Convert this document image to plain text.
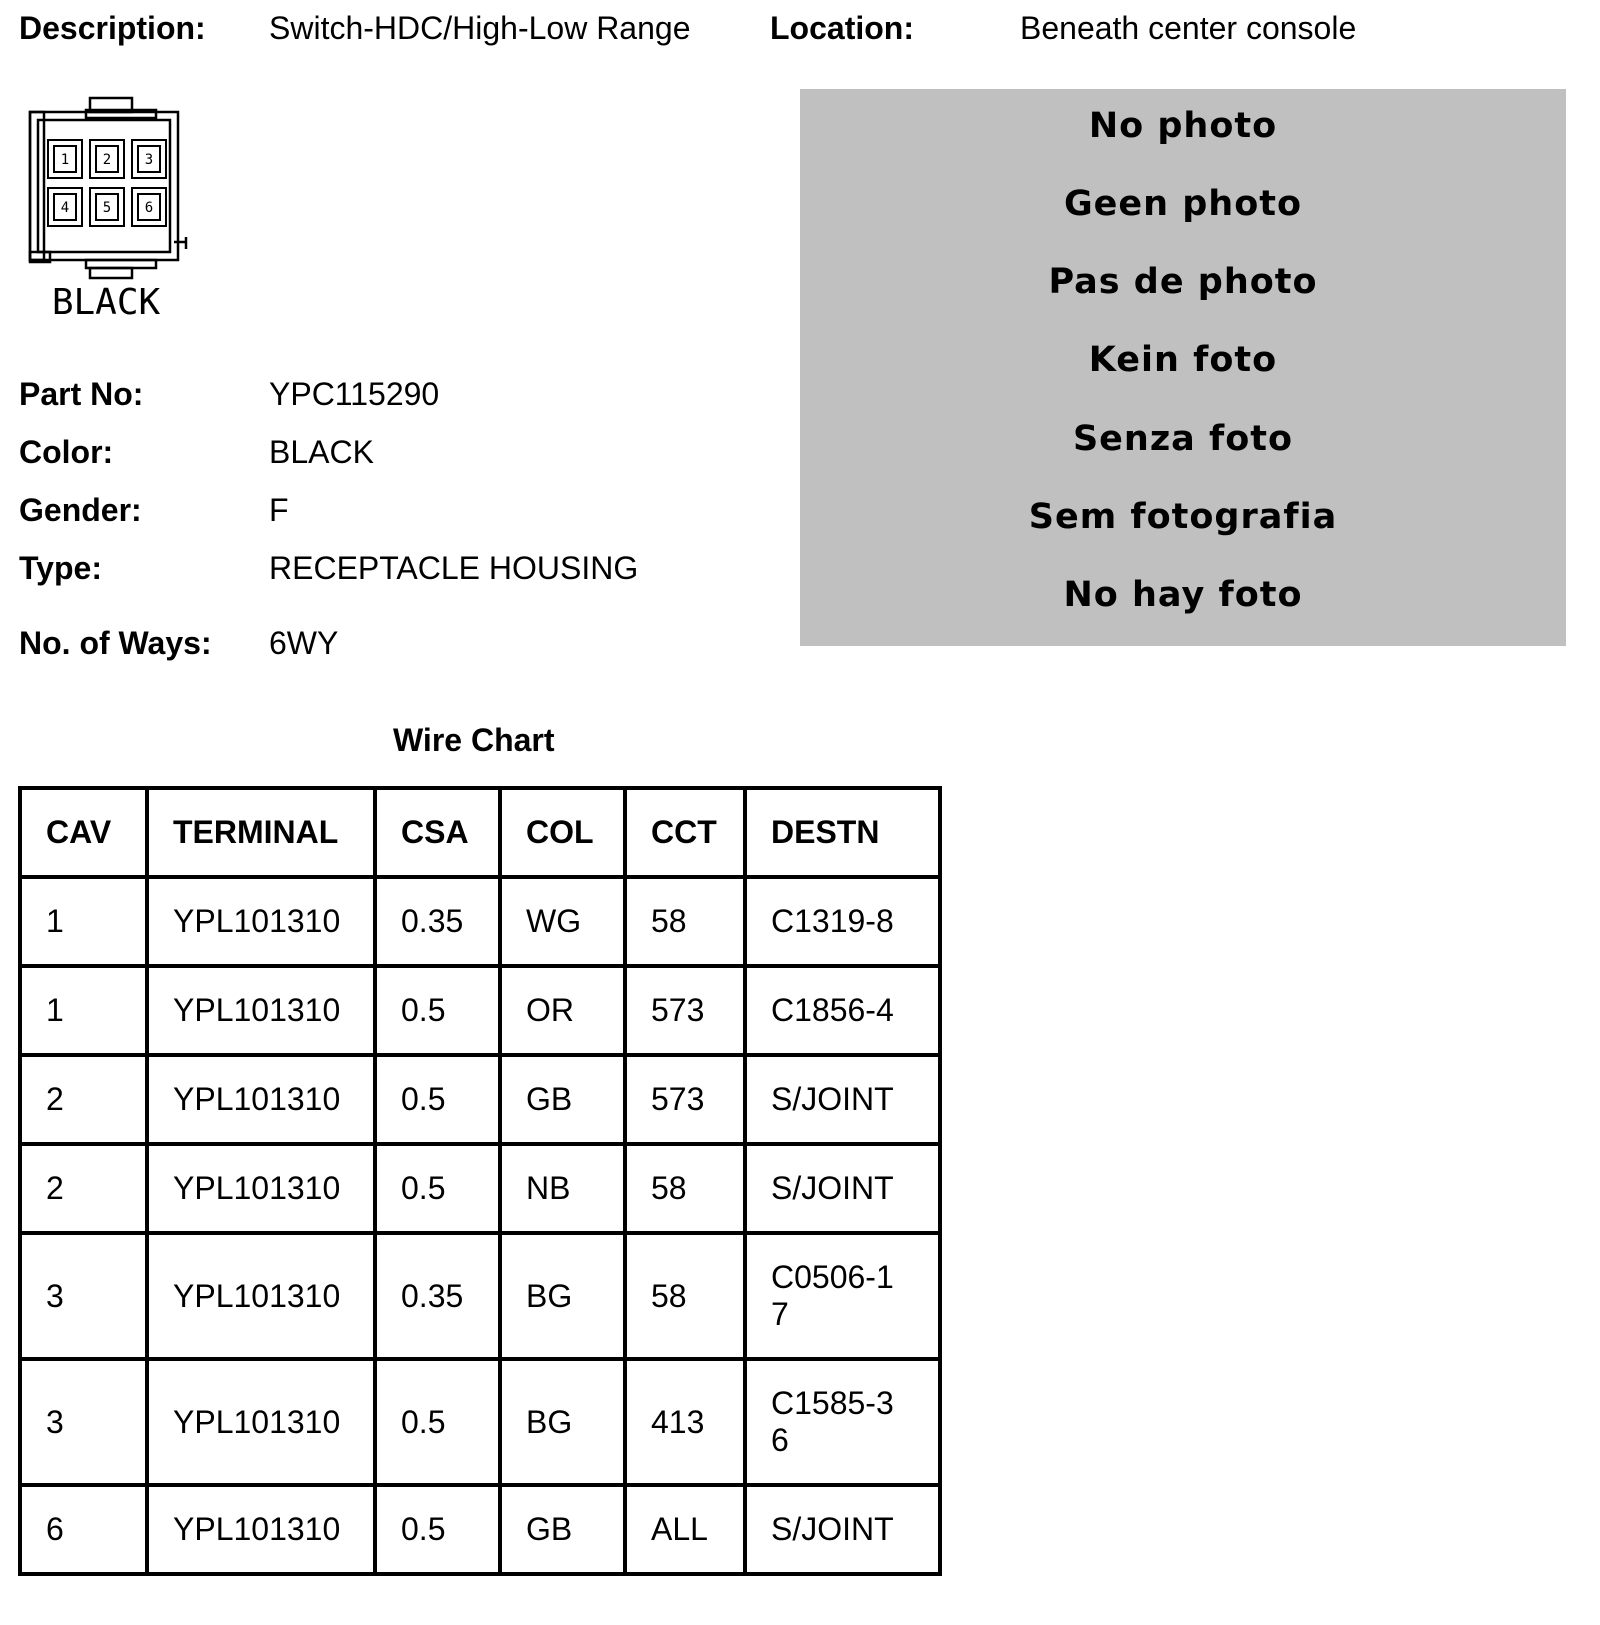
Description: Switch-HDC/High-Low Range Location:	Beneath center console
1 2 3
4 5 6
BLACK
Part No:	YPC115290
Color:	BLACK
Gender:	F
Type:	RECEPTACLE HOUSING
No. of Ways: 6WY
No photo
Geen photo
Pas de photo
Kein foto
Senza foto
Sem fotografia
No hay foto
Wire Chart
CAV	TERMINAL	CSA	COL	CCT	DESTN
1	YPL101310	0.35	WG	58	C1319-8
1	YPL101310	0.5	OR	573	C1856-4
2	YPL101310	0.5	GB	573	S/JOINT
2	YPL101310	0.5	NB	58	S/JOINT
3	YPL101310	0.35	BG	58	C0506-17
3	YPL101310	0.5	BG	413	C1585-36
6	YPL101310	0.5	GB	ALL	S/JOINT
